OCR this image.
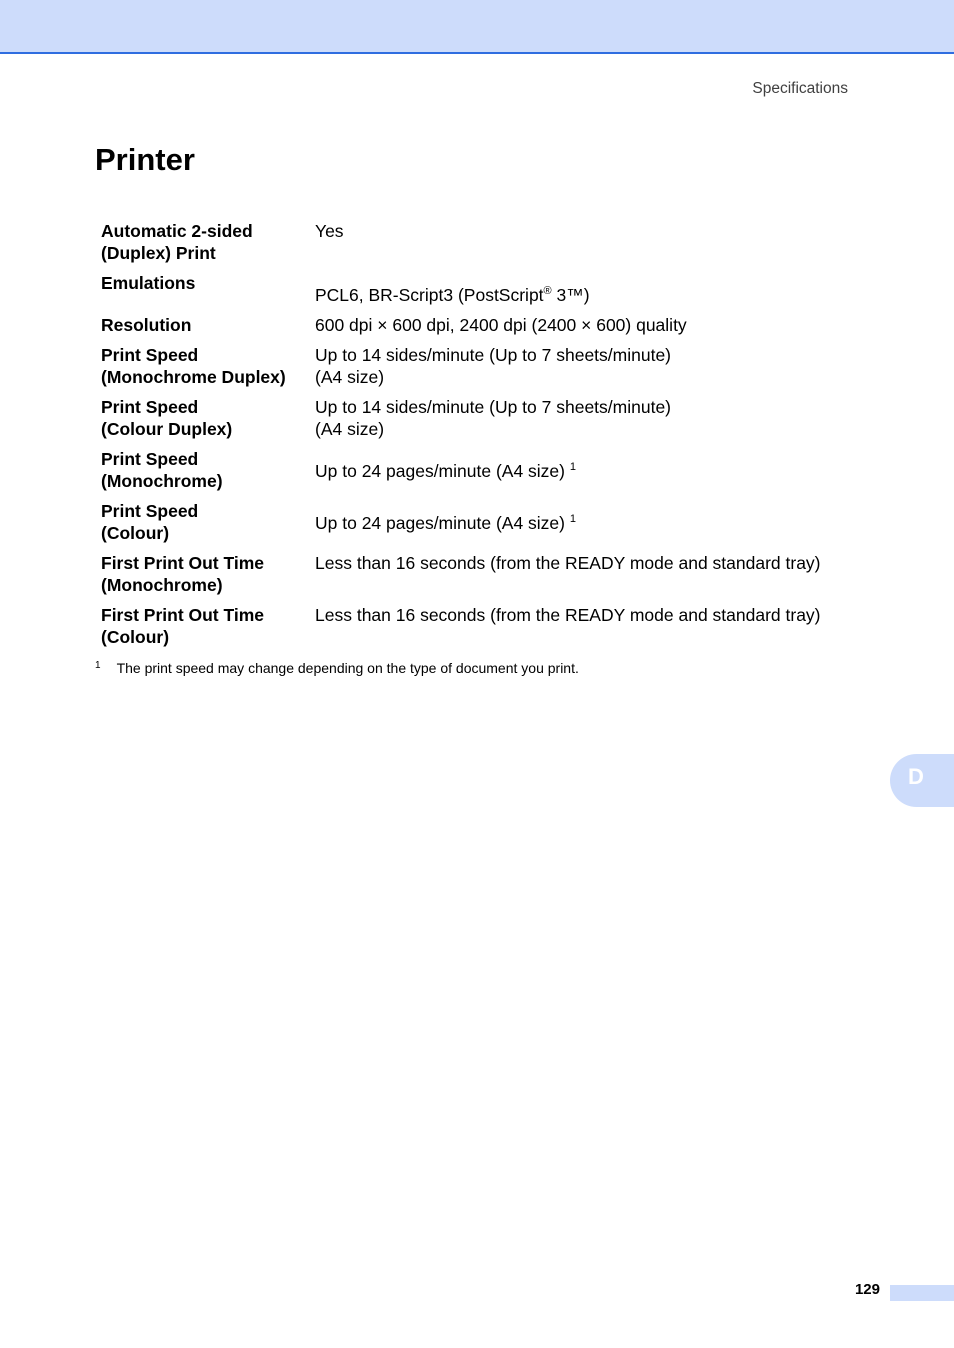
Specifications
Printer
Automatic 2-sided
(Duplex) Print	Yes
Emulations	PCL6, BR-Script3 (PostScript® 3™)
Resolution	600 dpi × 600 dpi, 2400 dpi (2400 × 600) quality
Print Speed
(Monochrome Duplex)	Up to 14 sides/minute (Up to 7 sheets/minute)
(A4 size)
Print Speed
(Colour Duplex)	Up to 14 sides/minute (Up to 7 sheets/minute)
(A4 size)
Print Speed
(Monochrome)	Up to 24 pages/minute (A4 size) $^1$
Print Speed
(Colour)	Up to 24 pages/minute (A4 size) $^1$
First Print Out Time
(Monochrome)	Less than 16 seconds (from the READY mode and standard tray)
First Print Out Time
(Colour)	Less than 16 seconds (from the READY mode and standard tray)
$^1$ The print speed may change depending on the type of document you print.
D
129
